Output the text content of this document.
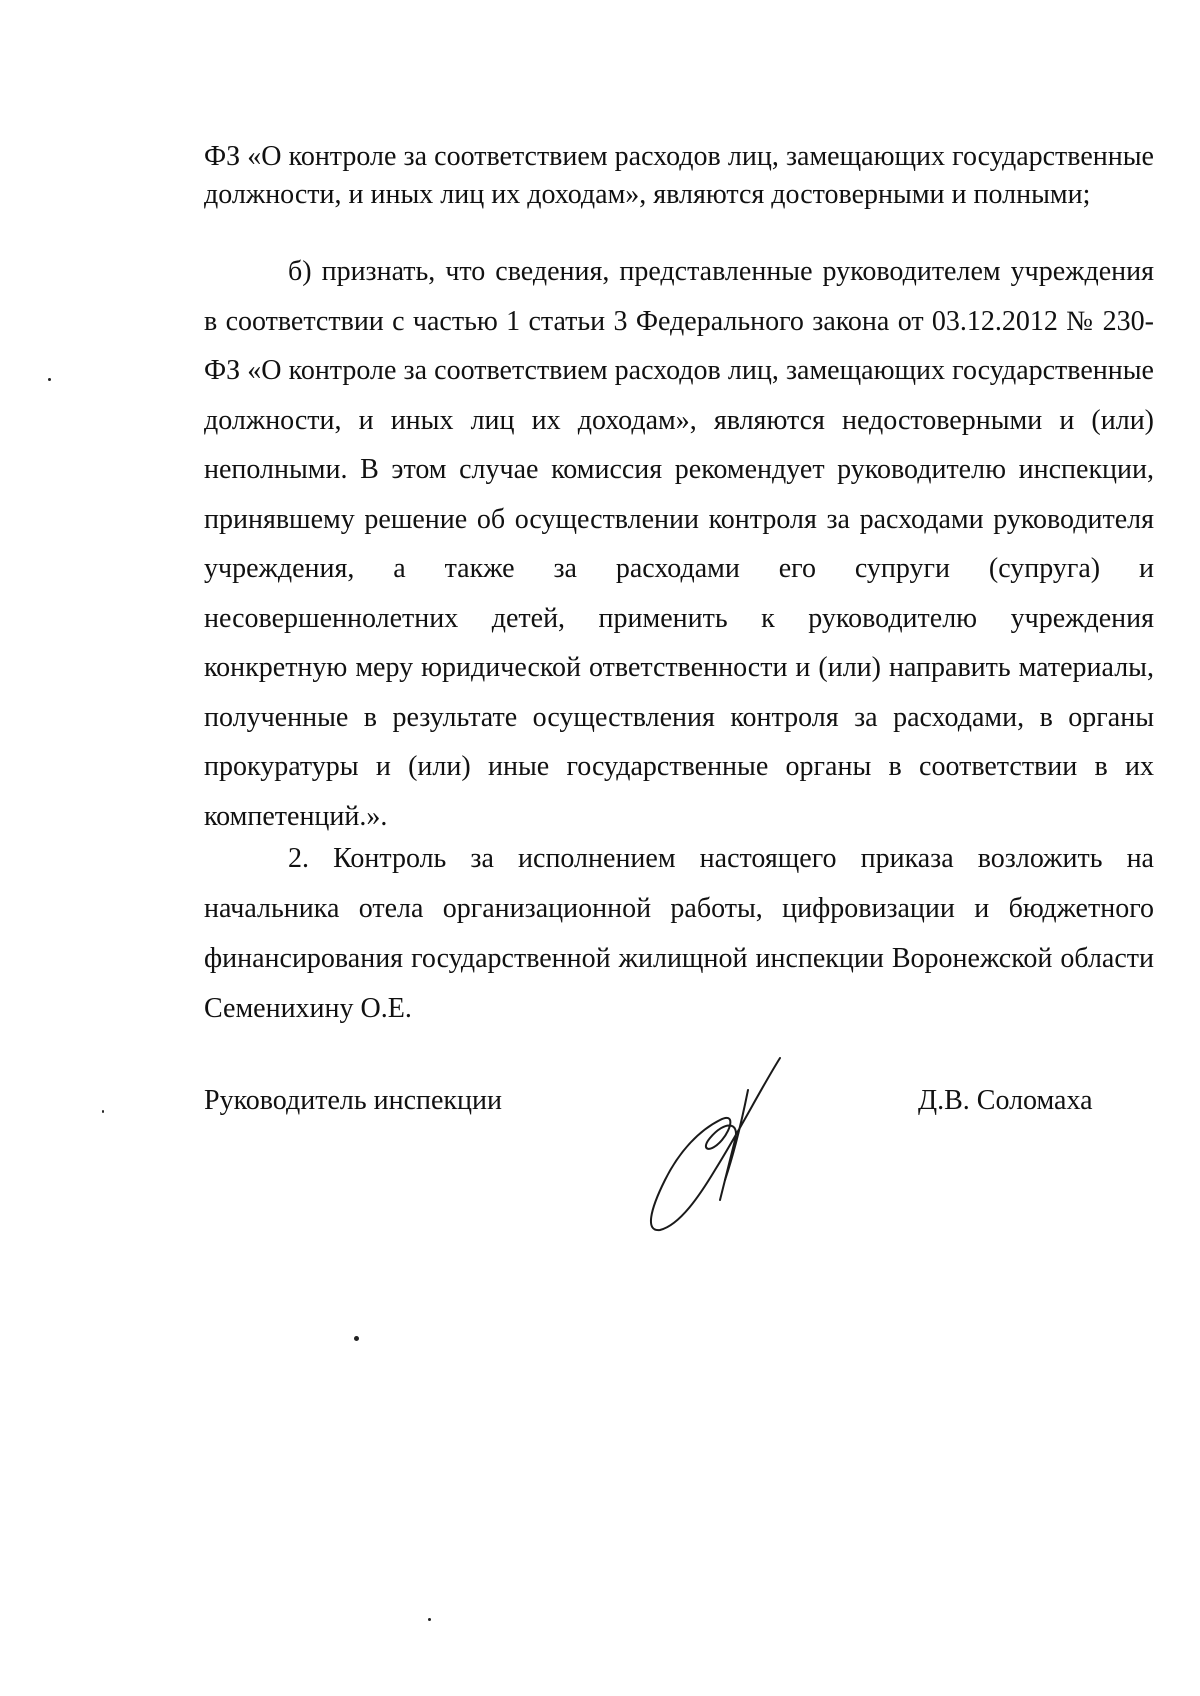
ФЗ «О контроле за соответствием расходов лиц, замещающих государственные должности, и иных лиц их доходам», являются достоверными и полными;

б) признать, что сведения, представленные руководителем учреждения в соответствии с частью 1 статьи 3 Федерального закона от 03.12.2012 № 230-ФЗ «О контроле за соответствием расходов лиц, замещающих государственные должности, и иных лиц их доходам», являются недостоверными и (или) неполными. В этом случае комиссия рекомендует руководителю инспекции, принявшему решение об осуществлении контроля за расходами руководителя учреждения, а также за расходами его супруги (супруга) и несовершеннолетних детей, применить к руководителю учреждения конкретную меру юридической ответственности и (или) направить материалы, полученные в результате осуществления контроля за расходами, в органы прокуратуры и (или) иные государственные органы в соответствии в их компетенций.».

2. Контроль за исполнением настоящего приказа возложить на начальника отела организационной работы, цифровизации и бюджетного финансирования государственной жилищной инспекции Воронежской области Семенихину О.Е.

Руководитель инспекции	Д.В. Соломаха
